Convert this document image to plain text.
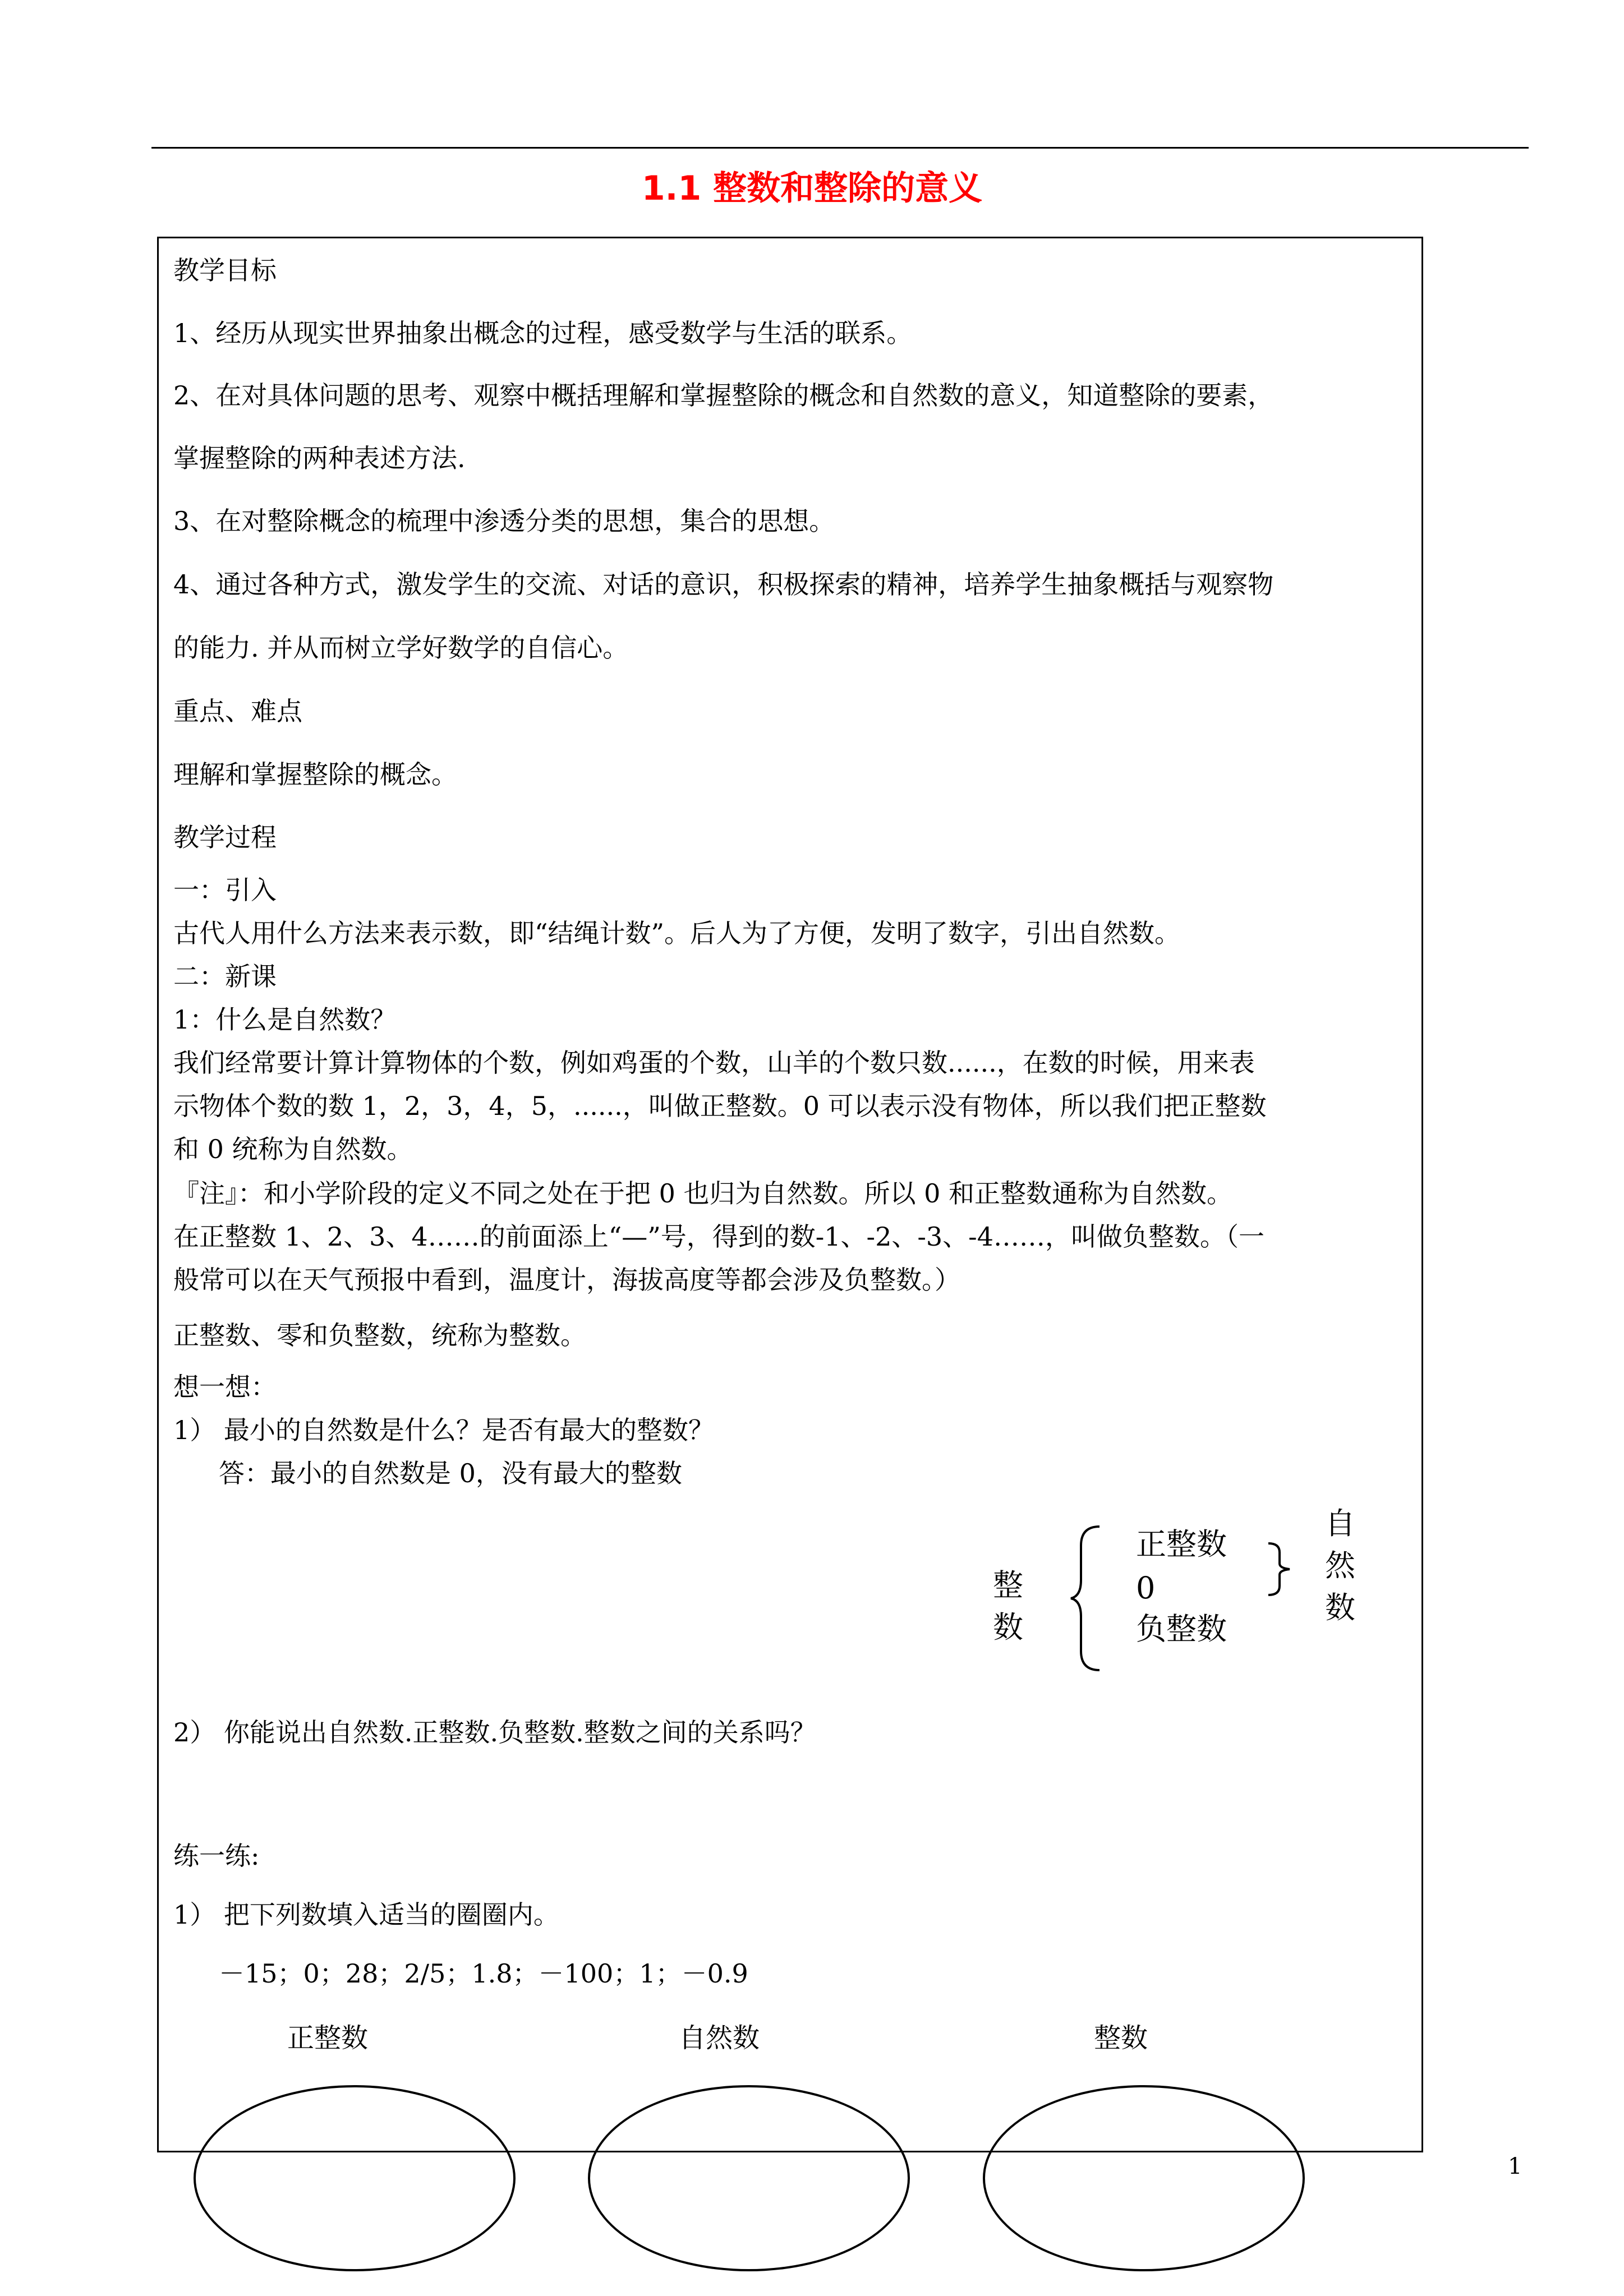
1.1 整数和整除的意义
教学目标
1、经历从现实世界抽象出概念的过程，感受数学与生活的联系。
2、在对具体问题的思考、观察中概括理解和掌握整除的概念和自然数的意义，知道整除的要素，
掌握整除的两种表述方法.
3、在对整除概念的梳理中渗透分类的思想，集合的思想。
4、通过各种方式，激发学生的交流、对话的意识，积极探索的精神，培养学生抽象概括与观察物
的能力. 并从而树立学好数学的自信心。
重点、难点
理解和掌握整除的概念。
教学过程
一：引入
古代人用什么方法来表示数，即“结绳计数”。后人为了方便，发明了数字，引出自然数。
二：新课
1：什么是自然数？
我们经常要计算计算物体的个数，例如鸡蛋的个数，山羊的个数只数......，在数的时候，用来表
示物体个数的数 1，2，3，4，5，......，叫做正整数。0 可以表示没有物体，所以我们把正整数
和 0 统称为自然数。
『注』：和小学阶段的定义不同之处在于把 0 也归为自然数。所以 0 和正整数通称为自然数。
在正整数 1、2、3、4……的前面添上“—”号，得到的数-1、-2、-3、-4……，叫做负整数。（一
般常可以在天气预报中看到，温度计，海拔高度等都会涉及负整数。）
正整数、零和负整数，统称为整数。
想一想：
1） 最小的自然数是什么？是否有最大的整数？
答：最小的自然数是 0，没有最大的整数
整
数
正整数
0
负整数
自
然
数
2） 你能说出自然数.正整数.负整数.整数之间的关系吗？
练一练:
1） 把下列数填入适当的圈圈内。
－15；0；28；2/5；1.8；－100；1；－0.9
正整数	自然数	整数
1
